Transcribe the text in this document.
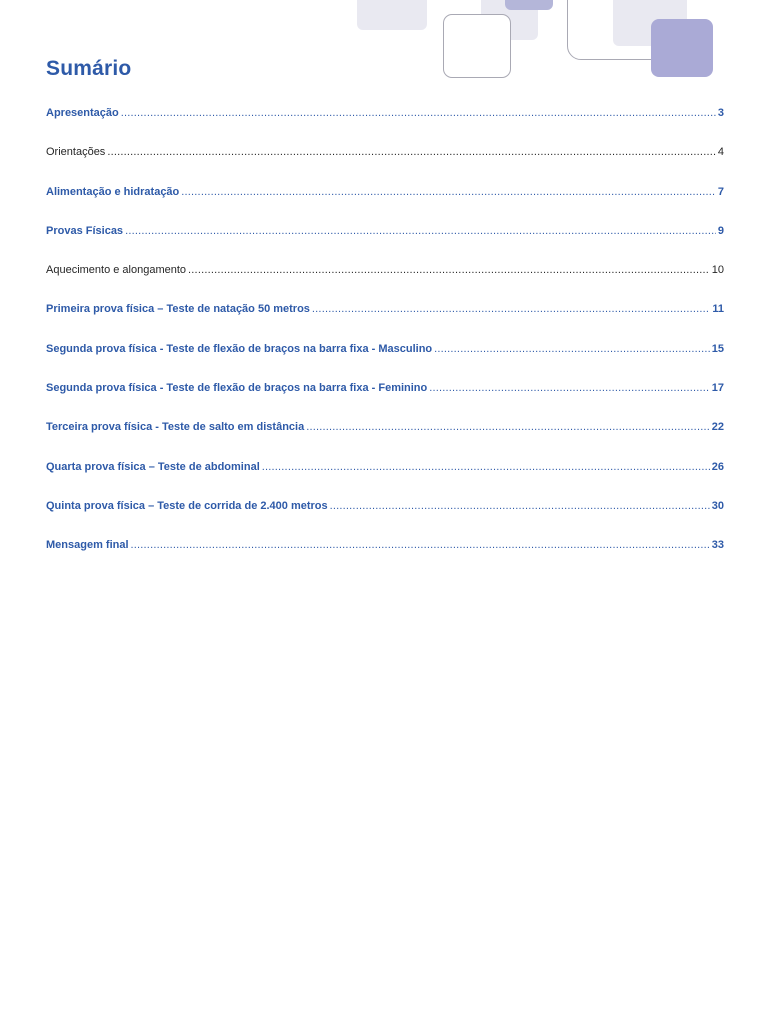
Sumário
Apresentação .....	3
Orientações .....	4
Alimentação e hidratação .....	7
Provas Físicas .....	9
Aquecimento e alongamento .....	10
Primeira prova física – Teste de natação 50 metros .....	11
Segunda prova física - Teste de flexão de braços na barra fixa - Masculino .....	15
Segunda prova física - Teste de flexão de braços na barra fixa - Feminino .....	17
Terceira prova física - Teste de salto em distância .....	22
Quarta prova física – Teste de abdominal .....	26
Quinta prova física – Teste de corrida de 2.400 metros .....	30
Mensagem final .....	33
